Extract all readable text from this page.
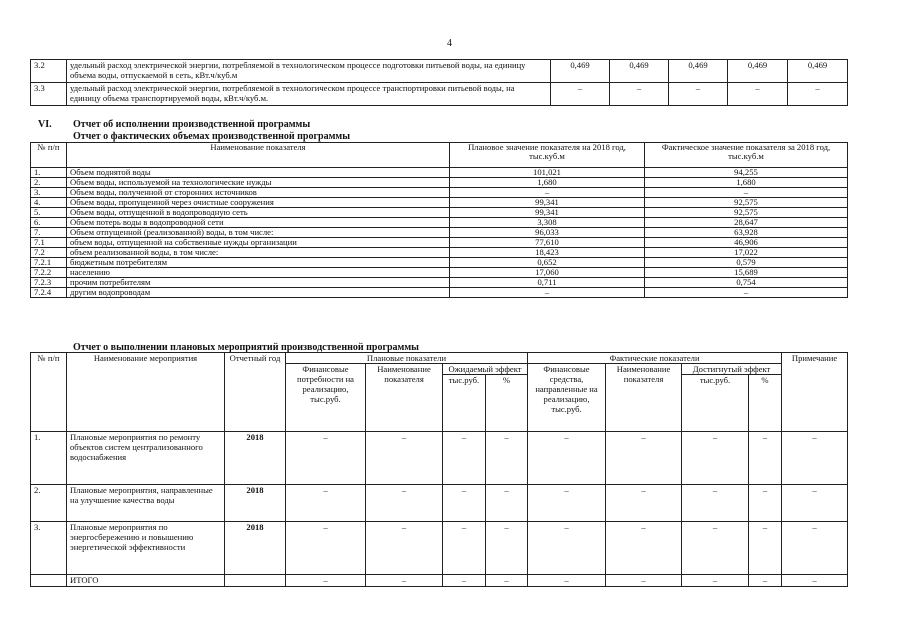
4
3.2	удельный расход электрической энергии, потребляемой в технологическом процессе подготовки питьевой воды, на единицу объема воды, отпускаемой в сеть, кВт.ч/куб.м	0,469	0,469	0,469	0,469	0,469
3.3	удельный расход электрической энергии, потребляемой в технологическом процессе транспортировки питьевой воды, на единицу объема транспортируемой воды, кВт.ч/куб.м.	–	–	–	–	–
VI. Отчет об исполнении производственной программы
Отчет о фактических объемах производственной программы
№ п/п	Наименование показателя	Плановое значение показателя на 2018 год, тыс.куб.м	Фактическое значение показателя за 2018 год, тыс.куб.м
1.	Объем поднятой воды	101,021	94,255
2.	Объем воды, используемой на технологические нужды	1,680	1,680
3.	Объем воды, полученной от сторонних источников	–	–
4.	Объем воды, пропущенной через очистные сооружения	99,341	92,575
5.	Объем воды, отпущенной в водопроводную сеть	99,341	92,575
6.	Объем потерь воды в водопроводной сети	3,308	28,647
7.	Объем отпущенной (реализованной) воды, в том числе:	96,033	63,928
7.1	объем воды, отпущенной на собственные нужды организации	77,610	46,906
7.2	объем реализованной воды, в том числе:	18,423	17,022
7.2.1	бюджетным потребителям	0,652	0,579
7.2.2	населению	17,060	15,689
7.2.3	прочим потребителям	0,711	0,754
7.2.4	другим водопроводам	–	–
Отчет о выполнении плановых мероприятий производственной программы
№ п/п	Наименование мероприятия	Отчетный год	Плановые показатели				Фактические показатели				Примечание
			Финансовые потребности на реализацию, тыс.руб.	Наименование показателя	Ожидаемый эффект		Финансовые средства, направленные на реализацию, тыс.руб.	Наименование показателя	Достигнутый эффект		
					тыс.руб.	%			тыс.руб.	%	
1.	Плановые мероприятия по ремонту объектов систем централизованного водоснабжения	2018	–	–	–	–	–	–	–	–	–
2.	Плановые мероприятия, направленные на улучшение качества воды	2018	–	–	–	–	–	–	–	–	–
3.	Плановые мероприятия по энергосбережению и повышению энергетической эффективности	2018	–	–	–	–	–	–	–	–	–
	ИТОГО		–	–	–	–	–	–	–	–	–
